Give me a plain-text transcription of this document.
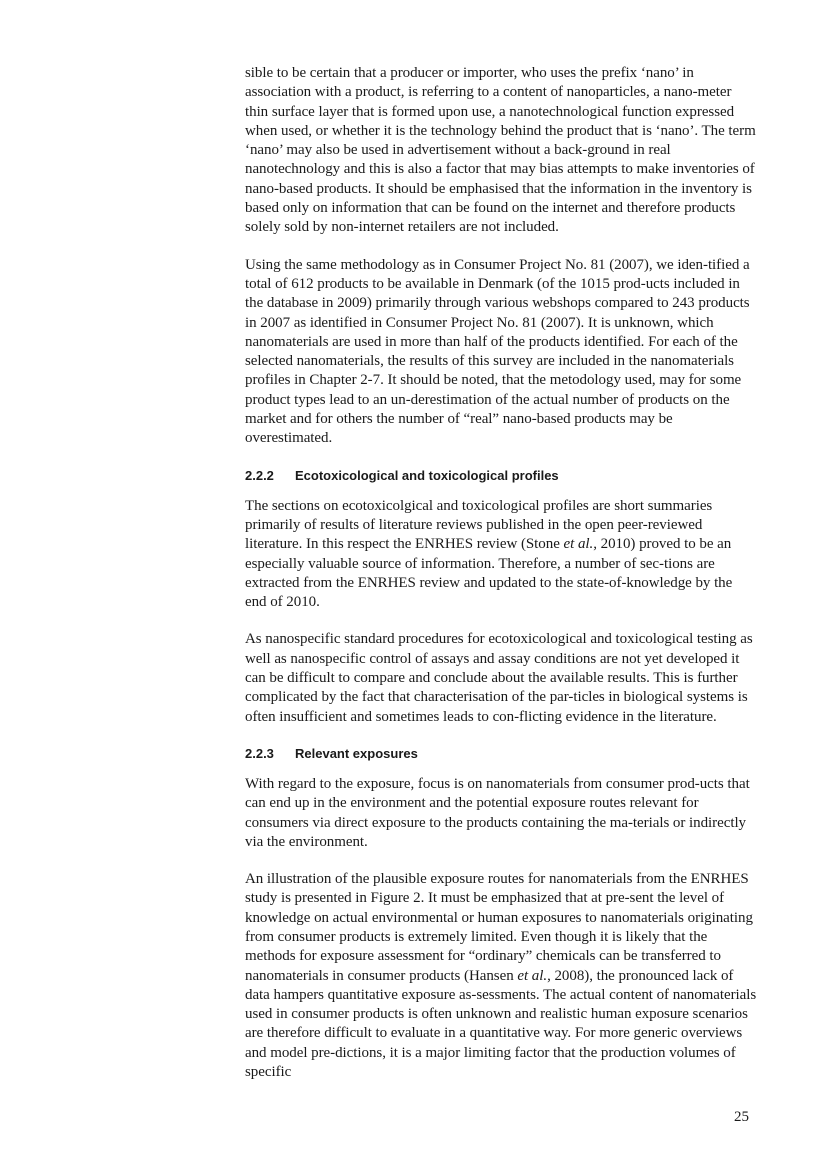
sible to be certain that a producer or importer, who uses the prefix ‘nano’ in association with a product, is referring to a content of nanoparticles, a nano-meter thin surface layer that is formed upon use, a nanotechnological function expressed when used, or whether it is the technology behind the product that is ‘nano’. The term ‘nano’ may also be used in advertisement without a back-ground in real nanotechnology and this is also a factor that may bias attempts to make inventories of nano-based products. It should be emphasised that the information in the inventory is based only on information that can be found on the internet and therefore products solely sold by non-internet retailers are not included.

Using the same methodology as in Consumer Project No. 81 (2007), we iden-tified a total of 612 products to be available in Denmark (of the 1015 prod-ucts included in the database in 2009) primarily through various webshops compared to 243 products in 2007 as identified in Consumer Project No. 81 (2007). It is unknown, which nanomaterials are used in more than half of the products identified. For each of the selected nanomaterials, the results of this survey are included in the nanomaterials profiles in Chapter 2-7. It should be noted, that the metodology used, may for some product types lead to an un-derestimation of the actual number of products on the market and for others the number of “real” nano-based products may be overestimated.

2.2.2 Ecotoxicological and toxicological profiles

The sections on ecotoxicolgical and toxicological profiles are short summaries primarily of results of literature reviews published in the open peer-reviewed literature. In this respect the ENRHES review (Stone et al., 2010) proved to be an especially valuable source of information. Therefore, a number of sec-tions are extracted from the ENRHES review and updated to the state-of-knowledge by the end of 2010.

As nanospecific standard procedures for ecotoxicological and toxicological testing as well as nanospecific control of assays and assay conditions are not yet developed it can be difficult to compare and conclude about the available results. This is further complicated by the fact that characterisation of the par-ticles in biological systems is often insufficient and sometimes leads to con-flicting evidence in the literature.

2.2.3 Relevant exposures

With regard to the exposure, focus is on nanomaterials from consumer prod-ucts that can end up in the environment and the potential exposure routes relevant for consumers via direct exposure to the products containing the ma-terials or indirectly via the environment.

An illustration of the plausible exposure routes for nanomaterials from the ENRHES study is presented in Figure 2. It must be emphasized that at pre-sent the level of knowledge on actual environmental or human exposures to nanomaterials originating from consumer products is extremely limited. Even though it is likely that the methods for exposure assessment for “ordinary” chemicals can be transferred to nanomaterials in consumer products (Hansen et al., 2008), the pronounced lack of data hampers quantitative exposure as-sessments. The actual content of nanomaterials used in consumer products is often unknown and realistic human exposure scenarios are therefore difficult to evaluate in a quantitative way. For more generic overviews and model pre-dictions, it is a major limiting factor that the production volumes of specific

25
